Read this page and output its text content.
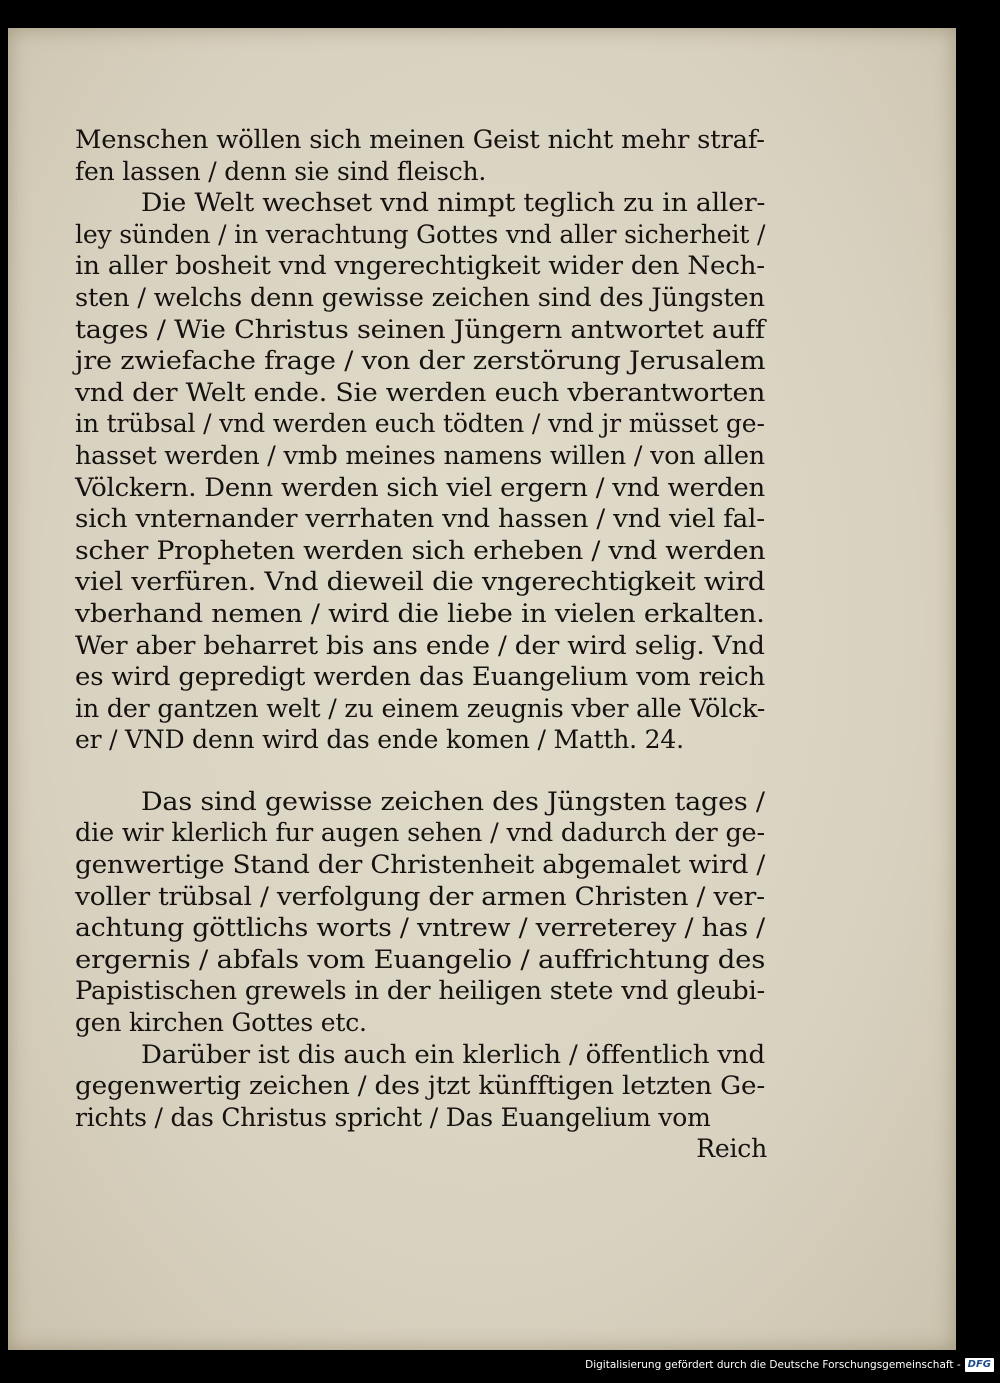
Menschen wöllen sich meinen Geist nicht mehr straf-
fen lassen / denn sie sind fleisch.
Die Welt wechset vnd nimpt teglich zu in aller-
ley sünden / in verachtung Gottes vnd aller sicherheit /
in aller bosheit vnd vngerechtigkeit wider den Nech-
sten / welchs denn gewisse zeichen sind des Jüngsten
tages / Wie Christus seinen Jüngern antwortet auff
jre zwiefache frage / von der zerstörung Jerusalem
vnd der Welt ende. Sie werden euch vberantworten
in trübsal / vnd werden euch tödten / vnd jr müsset ge-
hasset werden / vmb meines namens willen / von allen
Völckern. Denn werden sich viel ergern / vnd werden
sich vnternander verrhaten vnd hassen / vnd viel fal-
scher Propheten werden sich erheben / vnd werden
viel verfüren. Vnd dieweil die vngerechtigkeit wird
vberhand nemen / wird die liebe in vielen erkalten.
Wer aber beharret bis ans ende / der wird selig. Vnd
es wird gepredigt werden das Euangelium vom reich
in der gantzen welt / zu einem zeugnis vber alle Völck-
er / VND denn wird das ende komen / Matth. 24.
Das sind gewisse zeichen des Jüngsten tages /
die wir klerlich fur augen sehen / vnd dadurch der ge-
genwertige Stand der Christenheit abgemalet wird /
voller trübsal / verfolgung der armen Christen / ver-
achtung göttlichs worts / vntrew / verreterey / has /
ergernis / abfals vom Euangelio / auffrichtung des
Papistischen grewels in der heiligen stete vnd gleubi-
gen kirchen Gottes etc.
Darüber ist dis auch ein klerlich / öffentlich vnd
gegenwertig zeichen / des jtzt künfftigen letzten Ge-
richts / das Christus spricht / Das Euangelium vom
Reich
Digitalisierung gefördert durch die Deutsche Forschungsgemeinschaft - DFG
